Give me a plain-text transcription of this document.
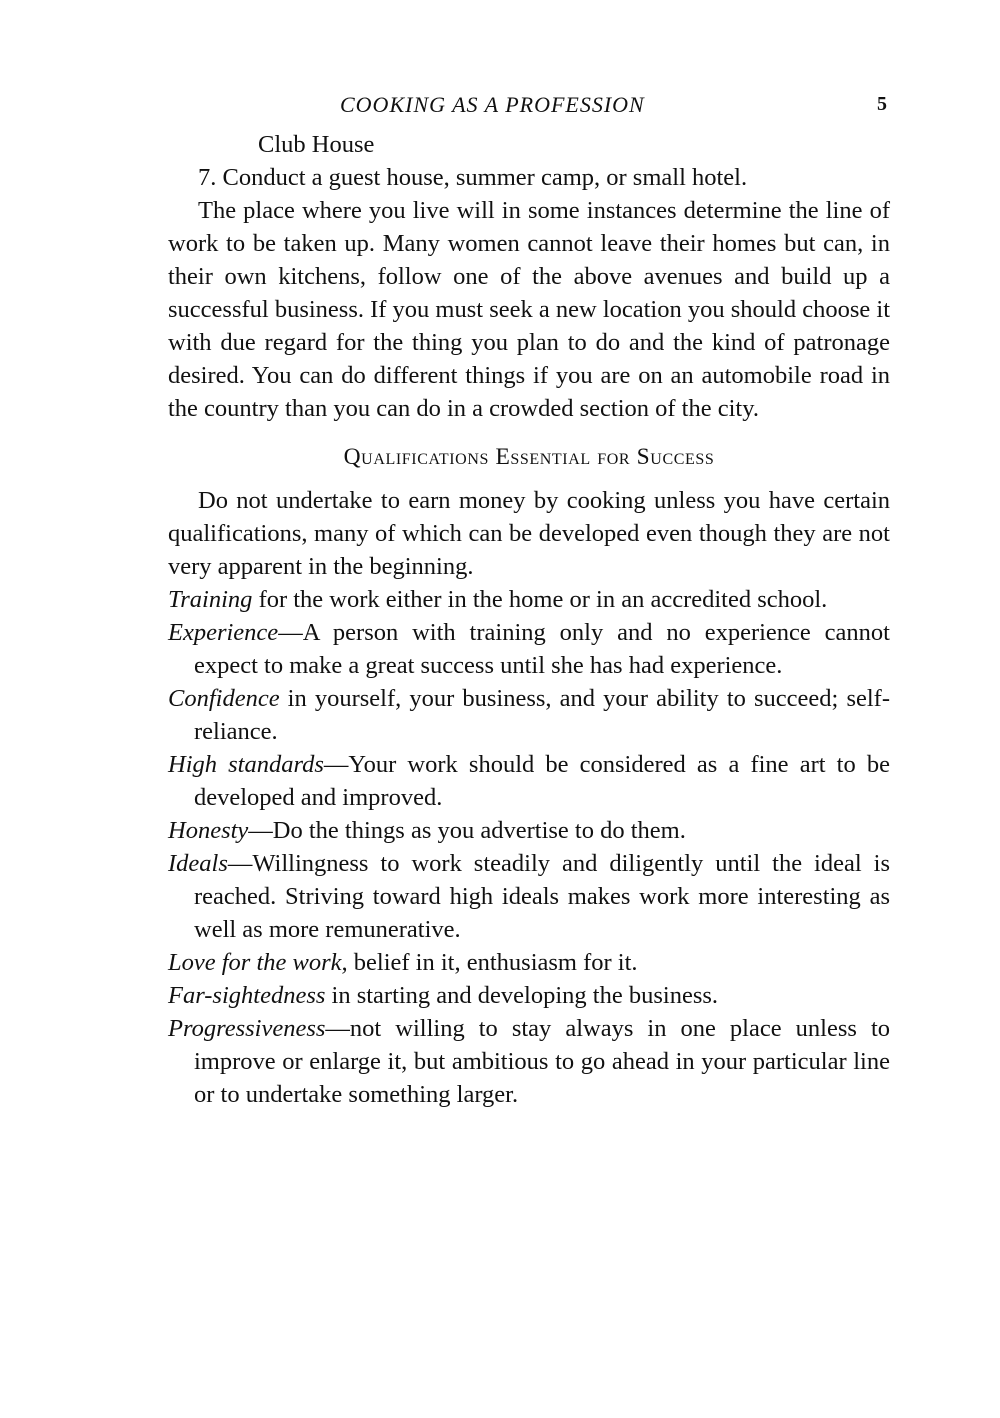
COOKING AS A PROFESSION	5

Club House

7. Conduct a guest house, summer camp, or small hotel.

The place where you live will in some instances determine the line of work to be taken up. Many women cannot leave their homes but can, in their own kitchens, follow one of the above avenues and build up a successful business. If you must seek a new location you should choose it with due regard for the thing you plan to do and the kind of patronage desired. You can do different things if you are on an automobile road in the country than you can do in a crowded section of the city.

Qualifications Essential for Success

Do not undertake to earn money by cooking unless you have certain qualifications, many of which can be developed even though they are not very apparent in the beginning.

Training for the work either in the home or in an accredited school.

Experience—A person with training only and no experience cannot expect to make a great success until she has had experience.

Confidence in yourself, your business, and your ability to succeed; self-reliance.

High standards—Your work should be considered as a fine art to be developed and improved.

Honesty—Do the things as you advertise to do them.

Ideals—Willingness to work steadily and diligently until the ideal is reached. Striving toward high ideals makes work more interesting as well as more remunerative.

Love for the work, belief in it, enthusiasm for it.

Far-sightedness in starting and developing the business.

Progressiveness—not willing to stay always in one place unless to improve or enlarge it, but ambitious to go ahead in your particular line or to undertake something larger.
